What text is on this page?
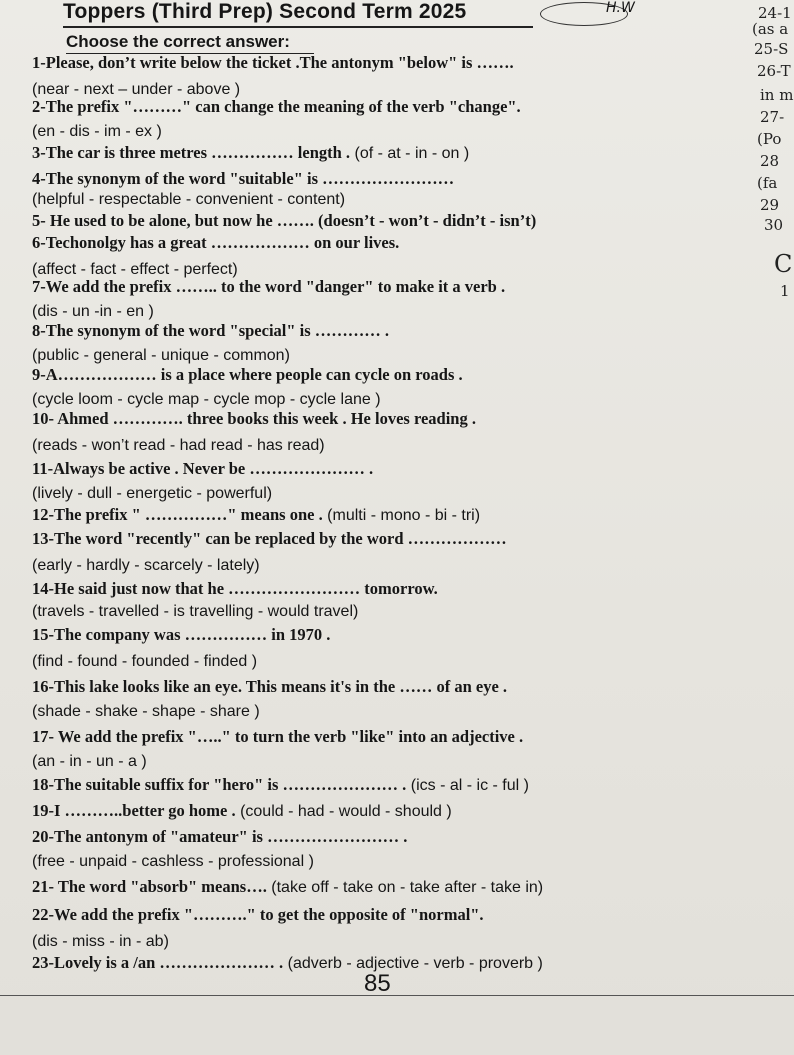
Toppers (Third Prep) Second Term 2025	H.W
Choose the correct answer:
24-1
(as a
25-S
26-T
in m
27-
(Po
28
(fa
29
30
C
1
1-Please, don’t write below the ticket .The antonym "below" is …….
(near - next – under - above )
2-The prefix "………" can change the meaning of the verb "change".
(en - dis - im - ex )
3-The car is three metres …………… length . (of - at - in - on )
4-The synonym of the word "suitable" is ……………………
(helpful - respectable - convenient - content)
5- He used to be alone, but now he ……. (doesn’t - won’t - didn’t - isn’t)
6-Techonolgy has a great ……………… on our lives.
(affect - fact - effect - perfect)
7-We add the prefix …….. to the word "danger" to make it a verb .
(dis - un -in - en )
8-The synonym of the word "special" is ………… .
(public - general - unique - common)
9-A……………… is a place where people can cycle on roads .
(cycle loom - cycle map - cycle mop - cycle lane )
10- Ahmed …………. three books this week . He loves reading .
(reads - won’t read - had read - has read)
11-Always be active . Never be ………………… .
(lively - dull - energetic - powerful)
12-The prefix " ……………" means one . (multi - mono - bi - tri)
13-The word "recently" can be replaced by the word ………………
(early - hardly - scarcely - lately)
14-He said just now that he …………………… tomorrow.
(travels - travelled - is travelling - would travel)
15-The company was …………… in 1970 .
(find - found - founded - finded )
16-This lake looks like an eye. This means it's in the …… of an eye .
(shade - shake - shape - share )
17- We add the prefix "….." to turn the verb "like" into an adjective .
(an - in - un - a )
18-The suitable suffix for "hero" is ………………… . (ics - al - ic - ful )
19-I ………..better go home . (could - had - would - should )
20-The antonym of "amateur" is …………………… .
(free - unpaid - cashless - professional )
21- The word "absorb" means…. (take off - take on - take after - take in)
22-We add the prefix "………." to get the opposite of "normal".
(dis - miss - in - ab)
23-Lovely is a /an ………………… . (adverb - adjective - verb - proverb )
85
